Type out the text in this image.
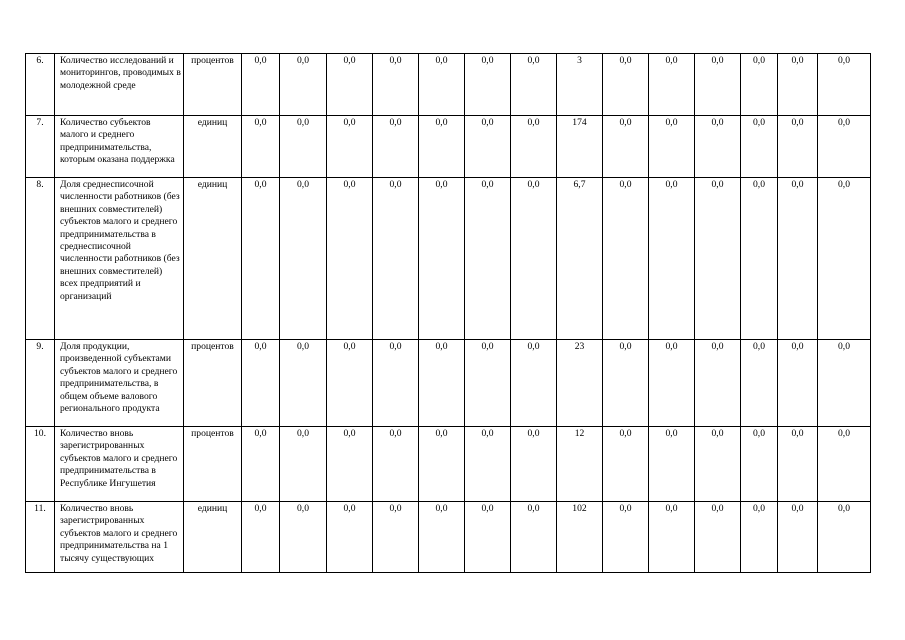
6.	Количество исследований и мониторингов, проводимых в молодежной среде	процентов	0,0	0,0	0,0	0,0	0,0	0,0	0,0	3	0,0	0,0	0,0	0,0	0,0	0,0
7.	Количество субъектов малого и среднего предпринимательства, которым оказана поддержка	единиц	0,0	0,0	0,0	0,0	0,0	0,0	0,0	174	0,0	0,0	0,0	0,0	0,0	0,0
8.	Доля среднесписочной численности работников (без внешних совместителей) субъектов малого и среднего предпринимательства в среднесписочной численности работников (без внешних совместителей) всех предприятий и организаций	единиц	0,0	0,0	0,0	0,0	0,0	0,0	0,0	6,7	0,0	0,0	0,0	0,0	0,0	0,0
9.	Доля продукции, произведенной субъектами субъектов малого и среднего предпринимательства, в общем объеме валового регионального продукта	процентов	0,0	0,0	0,0	0,0	0,0	0,0	0,0	23	0,0	0,0	0,0	0,0	0,0	0,0
10.	Количество вновь зарегистрированных субъектов малого и среднего предпринимательства в Республике Ингушетия	процентов	0,0	0,0	0,0	0,0	0,0	0,0	0,0	12	0,0	0,0	0,0	0,0	0,0	0,0
11.	Количество вновь зарегистрированных субъектов малого и среднего предпринимательства на 1 тысячу существующих	единиц	0,0	0,0	0,0	0,0	0,0	0,0	0,0	102	0,0	0,0	0,0	0,0	0,0	0,0
